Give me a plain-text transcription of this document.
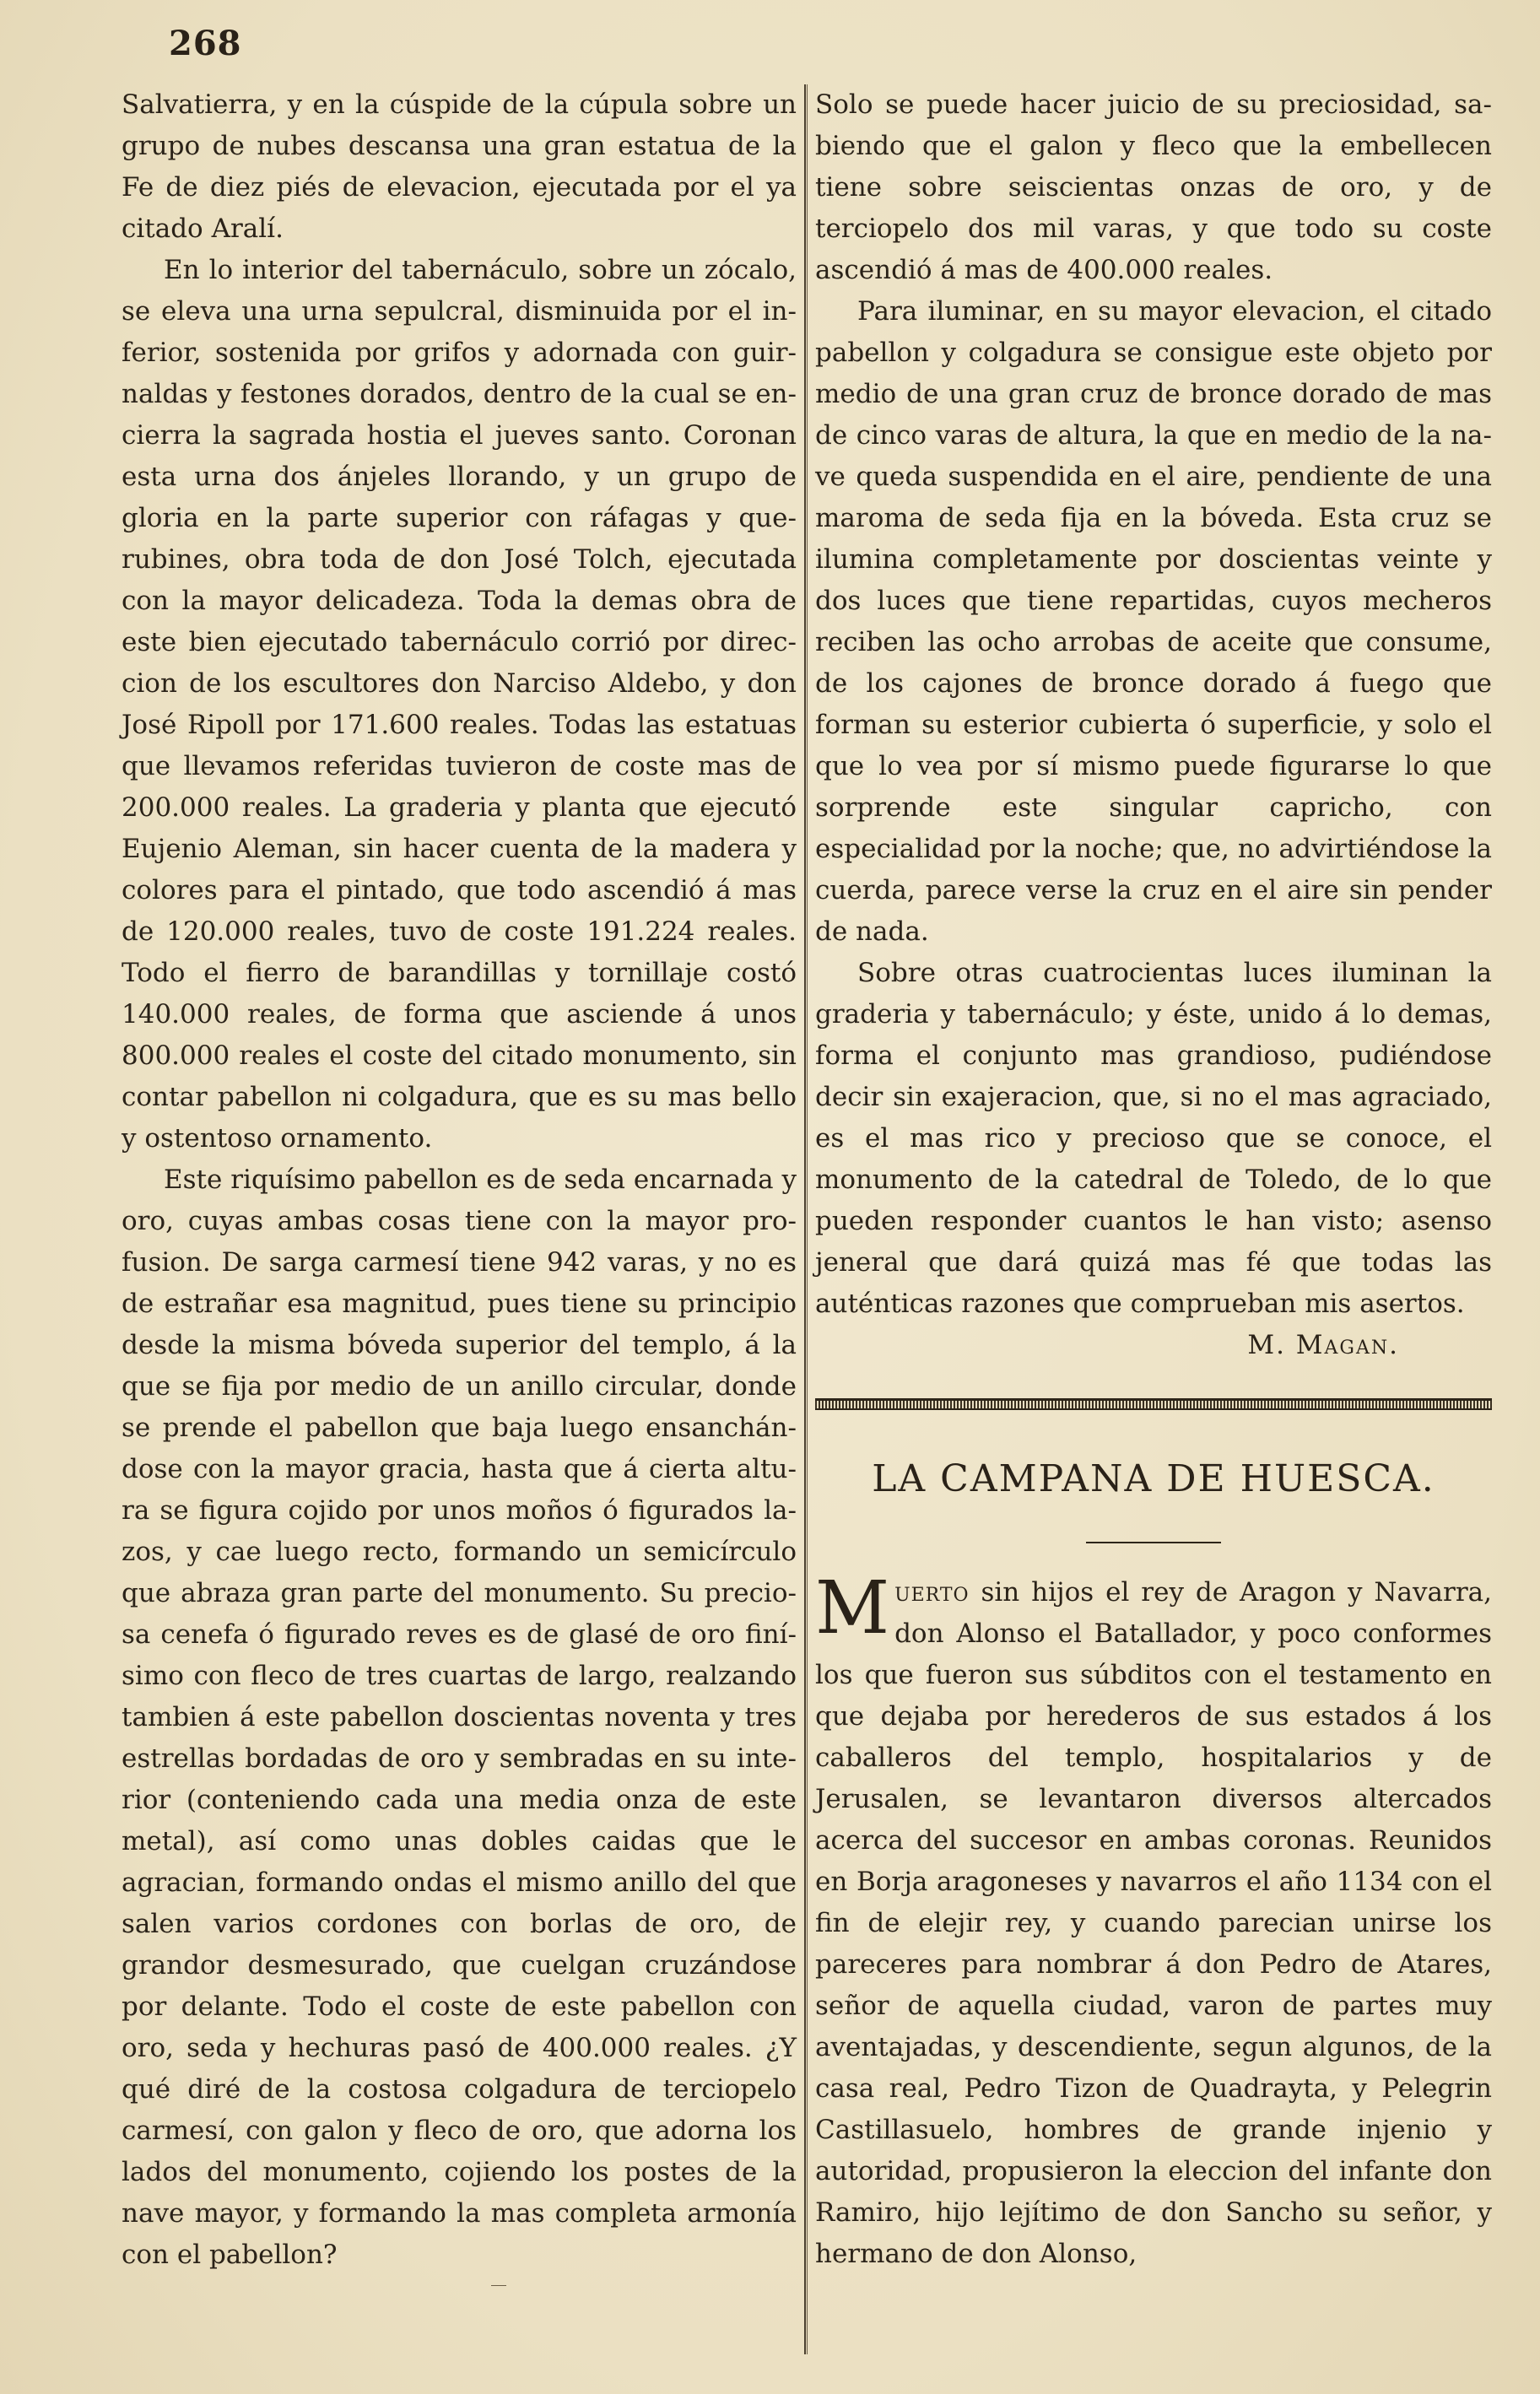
268

Salvatierra, y en la cúspide de la cúpula sobre un grupo de nubes descansa una gran estatua de la Fe de diez piés de elevacion, ejecutada por el ya citado Aralí.

En lo interior del tabernáculo, sobre un zócalo, se eleva una urna sepulcral, disminuida por el inferior, sostenida por grifos y adornada con guirnaldas y festones dorados, dentro de la cual se encierra la sagrada hostia el jueves santo. Coronan esta urna dos ánjeles llorando, y un grupo de gloria en la parte superior con ráfagas y querubines, obra toda de don José Tolch, ejecutada con la mayor delicadeza. Toda la demas obra de este bien ejecutado tabernáculo corrió por direccion de los escultores don Narciso Aldebo, y don José Ripoll por 171.600 reales. Todas las estatuas que llevamos referidas tuvieron de coste mas de 200.000 reales. La graderia y planta que ejecutó Eujenio Aleman, sin hacer cuenta de la madera y colores para el pintado, que todo ascendió á mas de 120.000 reales, tuvo de coste 191.224 reales. Todo el fierro de barandillas y tornillaje costó 140.000 reales, de forma que asciende á unos 800.000 reales el coste del citado monumento, sin contar pabellon ni colgadura, que es su mas bello y ostentoso ornamento.

Este riquísimo pabellon es de seda encarnada y oro, cuyas ambas cosas tiene con la mayor profusion. De sarga carmesí tiene 942 varas, y no es de estrañar esa magnitud, pues tiene su principio desde la misma bóveda superior del templo, á la que se fija por medio de un anillo circular, donde se prende el pabellon que baja luego ensanchándose con la mayor gracia, hasta que á cierta altura se figura cojido por unos moños ó figurados lazos, y cae luego recto, formando un semicírculo que abraza gran parte del monumento. Su preciosa cenefa ó figurado reves es de glasé de oro finísimo con fleco de tres cuartas de largo, realzando tambien á este pabellon doscientas noventa y tres estrellas bordadas de oro y sembradas en su interior (conteniendo cada una media onza de este metal), así como unas dobles caidas que le agracian, formando ondas el mismo anillo del que salen varios cordones con borlas de oro, de grandor desmesurado, que cuelgan cruzándose por delante. Todo el coste de este pabellon con oro, seda y hechuras pasó de 400.000 reales. ¿Y qué diré de la costosa colgadura de terciopelo carmesí, con galon y fleco de oro, que adorna los lados del monumento, cojiendo los postes de la nave mayor, y formando la mas completa armonía con el pabellon?

Solo se puede hacer juicio de su preciosidad, sabiendo que el galon y fleco que la embellecen tiene sobre seiscientas onzas de oro, y de terciopelo dos mil varas, y que todo su coste ascendió á mas de 400.000 reales.

Para iluminar, en su mayor elevacion, el citado pabellon y colgadura se consigue este objeto por medio de una gran cruz de bronce dorado de mas de cinco varas de altura, la que en medio de la nave queda suspendida en el aire, pendiente de una maroma de seda fija en la bóveda. Esta cruz se ilumina completamente por doscientas veinte y dos luces que tiene repartidas, cuyos mecheros reciben las ocho arrobas de aceite que consume, de los cajones de bronce dorado á fuego que forman su esterior cubierta ó superficie, y solo el que lo vea por sí mismo puede figurarse lo que sorprende este singular capricho, con especialidad por la noche; que, no advirtiéndose la cuerda, parece verse la cruz en el aire sin pender de nada.

Sobre otras cuatrocientas luces iluminan la graderia y tabernáculo; y éste, unido á lo demas, forma el conjunto mas grandioso, pudiéndose decir sin exajeracion, que, si no el mas agraciado, es el mas rico y precioso que se conoce, el monumento de la catedral de Toledo, de lo que pueden responder cuantos le han visto; asenso jeneral que dará quizá mas fé que todas las auténticas razones que comprueban mis asertos.

M. Magan.

LA CAMPANA DE HUESCA.

Muerto sin hijos el rey de Aragon y Navarra, don Alonso el Batallador, y poco conformes los que fueron sus súbditos con el testamento en que dejaba por herederos de sus estados á los caballeros del templo, hospitalarios y de Jerusalen, se levantaron diversos altercados acerca del succesor en ambas coronas. Reunidos en Borja aragoneses y navarros el año 1134 con el fin de elejir rey, y cuando parecian unirse los pareceres para nombrar á don Pedro de Atares, señor de aquella ciudad, varon de partes muy aventajadas, y descendiente, segun algunos, de la casa real, Pedro Tizon de Quadrayta, y Pelegrin Castillasuelo, hombres de grande injenio y autoridad, propusieron la eleccion del infante don Ramiro, hijo lejítimo de don Sancho su señor, y hermano de don Alonso,
